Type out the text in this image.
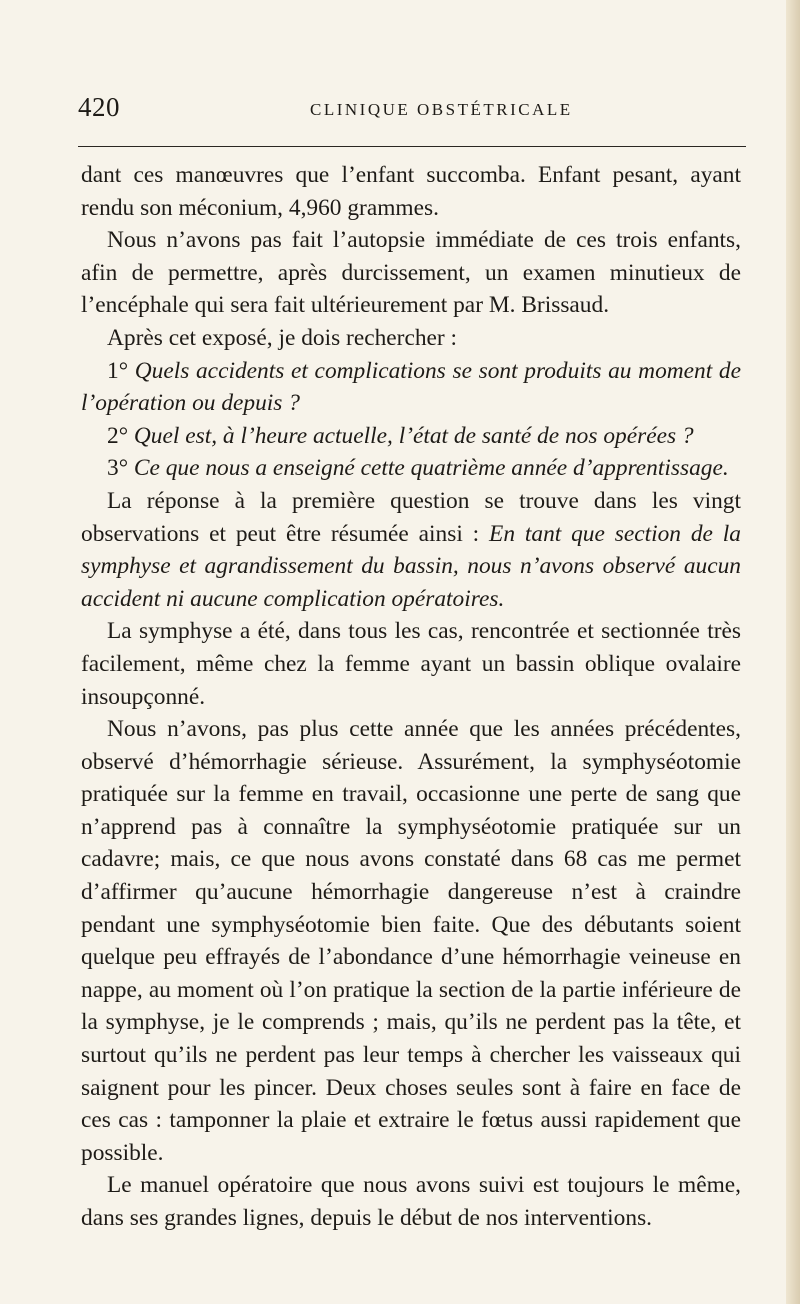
420	CLINIQUE OBSTÉTRICALE

dant ces manœuvres que l’enfant succomba. Enfant pesant, ayant rendu son méconium, 4,960 grammes.

Nous n’avons pas fait l’autopsie immédiate de ces trois enfants, afin de permettre, après durcissement, un examen minutieux de l’encéphale qui sera fait ultérieurement par M. Brissaud.

Après cet exposé, je dois rechercher :

1° Quels accidents et complications se sont produits au moment de l’opération ou depuis ?

2° Quel est, à l’heure actuelle, l’état de santé de nos opérées ?

3° Ce que nous a enseigné cette quatrième année d’apprentissage.

La réponse à la première question se trouve dans les vingt observations et peut être résumée ainsi : En tant que section de la symphyse et agrandissement du bassin, nous n’avons observé aucun accident ni aucune complication opératoires.

La symphyse a été, dans tous les cas, rencontrée et sectionnée très facilement, même chez la femme ayant un bassin oblique ovalaire insoupçonné.

Nous n’avons, pas plus cette année que les années précédentes, observé d’hémorrhagie sérieuse. Assurément, la symphyséotomie pratiquée sur la femme en travail, occasionne une perte de sang que n’apprend pas à connaître la symphyséotomie pratiquée sur un cadavre; mais, ce que nous avons constaté dans 68 cas me permet d’affirmer qu’aucune hémorrhagie dangereuse n’est à craindre pendant une symphyséotomie bien faite. Que des débutants soient quelque peu effrayés de l’abondance d’une hémorrhagie veineuse en nappe, au moment où l’on pratique la section de la partie inférieure de la symphyse, je le comprends ; mais, qu’ils ne perdent pas la tête, et surtout qu’ils ne perdent pas leur temps à chercher les vaisseaux qui saignent pour les pincer. Deux choses seules sont à faire en face de ces cas : tamponner la plaie et extraire le fœtus aussi rapidement que possible.

Le manuel opératoire que nous avons suivi est toujours le même, dans ses grandes lignes, depuis le début de nos interventions.
